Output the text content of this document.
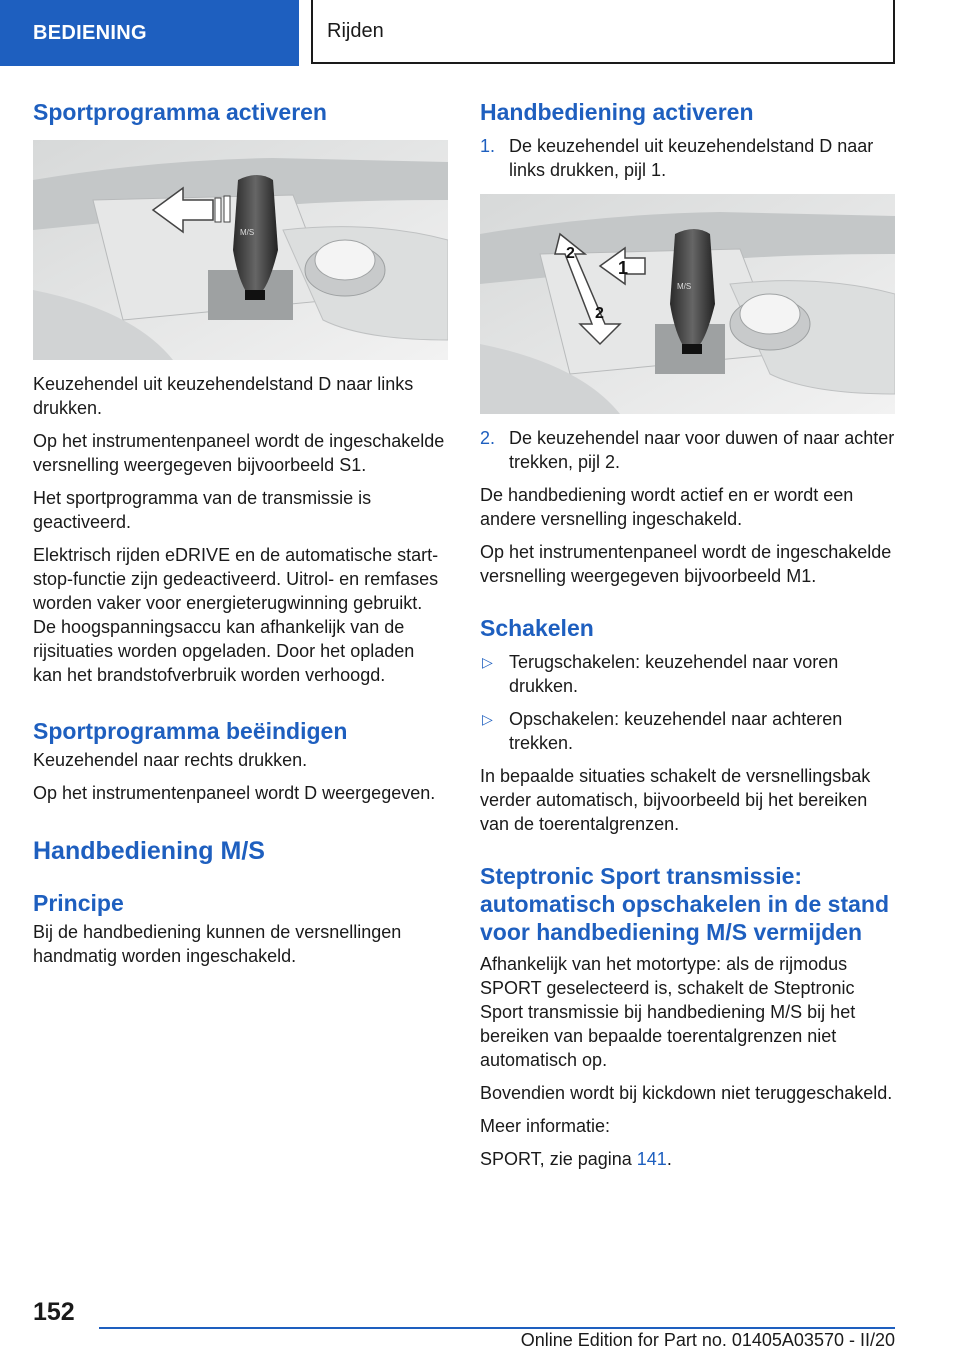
BEDIENING	Rijden
Sportprogramma activeren
M/S

Keuzehendel uit keuzehendelstand D naar links drukken.

Op het instrumentenpaneel wordt de ingeschakelde versnelling weergegeven bijvoorbeeld S1.

Het sportprogramma van de transmissie is geactiveerd.

Elektrisch rijden eDRIVE en de automatische start-stop-functie zijn gedeactiveerd. Uitrol- en remfases worden vaker voor energieterugwinning gebruikt. De hoogspanningsaccu kan afhankelijk van de rijsituaties worden opgeladen. Door het opladen kan het brandstofverbruik worden verhoogd.

Sportprogramma beëindigen

Keuzehendel naar rechts drukken.

Op het instrumentenpaneel wordt D weergegeven.

Handbediening M/S
Principe

Bij de handbediening kunnen de versnellingen handmatig worden ingeschakeld.

Handbediening activeren
1. De keuzehendel uit keuzehendelstand D naar links drukken, pijl 1.
M/S
1
2
2
2. De keuzehendel naar voor duwen of naar achter trekken, pijl 2.

De handbediening wordt actief en er wordt een andere versnelling ingeschakeld.

Op het instrumentenpaneel wordt de ingeschakelde versnelling weergegeven bijvoorbeeld M1.

Schakelen
▷ Terugschakelen: keuzehendel naar voren drukken.
▷ Opschakelen: keuzehendel naar achteren trekken.

In bepaalde situaties schakelt de versnellingsbak verder automatisch, bijvoorbeeld bij het bereiken van de toerentalgrenzen.

Steptronic Sport transmissie: automatisch opschakelen in de stand voor handbediening M/S vermijden

Afhankelijk van het motortype: als de rijmodus SPORT geselecteerd is, schakelt de Steptronic Sport transmissie bij handbediening M/S bij het bereiken van bepaalde toerentalgrenzen niet automatisch op.

Bovendien wordt bij kickdown niet teruggeschakeld.

Meer informatie:

SPORT, zie pagina 141.

152
Online Edition for Part no. 01405A03570 - II/20
